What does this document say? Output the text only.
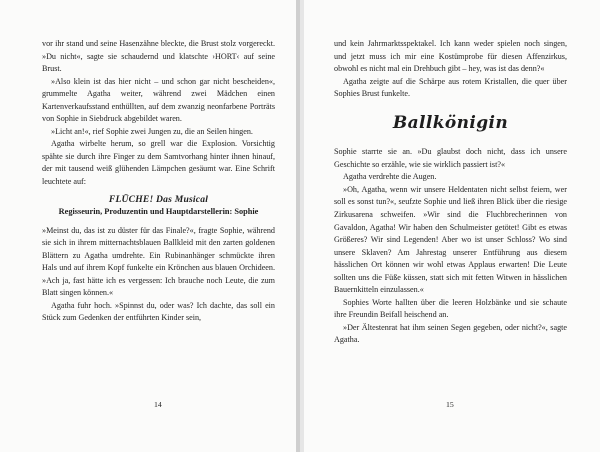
vor ihr stand und seine Hasenzähne bleckte, die Brust stolz vorgereckt. »Du nicht«, sagte sie schaudernd und klatschte ›HORT‹ auf seine Brust.

»Also klein ist das hier nicht – und schon gar nicht bescheiden«, grummelte Agatha weiter, während zwei Mädchen einen Kartenverkaufsstand enthüllten, auf dem zwanzig neonfarbene Porträts von Sophie in Siebdruck abgebildet waren.

»Licht an!«, rief Sophie zwei Jungen zu, die an Seilen hingen.

Agatha wirbelte herum, so grell war die Explosion. Vorsichtig spähte sie durch ihre Finger zu dem Samtvorhang hinter ihnen hinauf, der mit tausend weiß glühenden Lämpchen gesäumt war. Eine Schrift leuchtete auf:

FLÜCHE! Das Musical

Regisseurin, Produzentin und Hauptdarstellerin: Sophie

»Meinst du, das ist zu düster für das Finale?«, fragte Sophie, während sie sich in ihrem mitternachtsblauen Ballkleid mit den zarten goldenen Blättern zu Agatha umdrehte. Ein Rubinanhänger schmückte ihren Hals und auf ihrem Kopf funkelte ein Krönchen aus blauen Orchideen. »Ach ja, fast hätte ich es vergessen: Ich brauche noch Leute, die zum Blatt singen können.«

Agatha fuhr hoch. »Spinnst du, oder was? Ich dachte, das soll ein Stück zum Gedenken der entführten Kinder sein,

14

und kein Jahrmarktsspektakel. Ich kann weder spielen noch singen, und jetzt muss ich mir eine Kostümprobe für diesen Affenzirkus, obwohl es nicht mal ein Drehbuch gibt – hey, was ist das denn?«

Agatha zeigte auf die Schärpe aus rotem Kristallen, die quer über Sophies Brust funkelte.

Ballkönigin

Sophie starrte sie an. »Du glaubst doch nicht, dass ich unsere Geschichte so erzähle, wie sie wirklich passiert ist?«

Agatha verdrehte die Augen.

»Oh, Agatha, wenn wir unsere Heldentaten nicht selbst feiern, wer soll es sonst tun?«, seufzte Sophie und ließ ihren Blick über die riesige Zirkusarena schweifen. »Wir sind die Fluchbrecherinnen von Gavaldon, Agatha! Wir haben den Schulmeister getötet! Gibt es etwas Größeres? Wir sind Legenden! Aber wo ist unser Schloss? Wo sind unsere Sklaven? Am Jahrestag unserer Entführung aus diesem hässlichen Ort können wir wohl etwas Applaus erwarten! Die Leute sollten uns die Füße küssen, statt sich mit fetten Witwen in hässlichen Bauernkitteln einzulassen.«

Sophies Worte hallten über die leeren Holzbänke und sie schaute ihre Freundin Beifall heischend an.

»Der Ältestenrat hat ihm seinen Segen gegeben, oder nicht?«, sagte Agatha.

15
